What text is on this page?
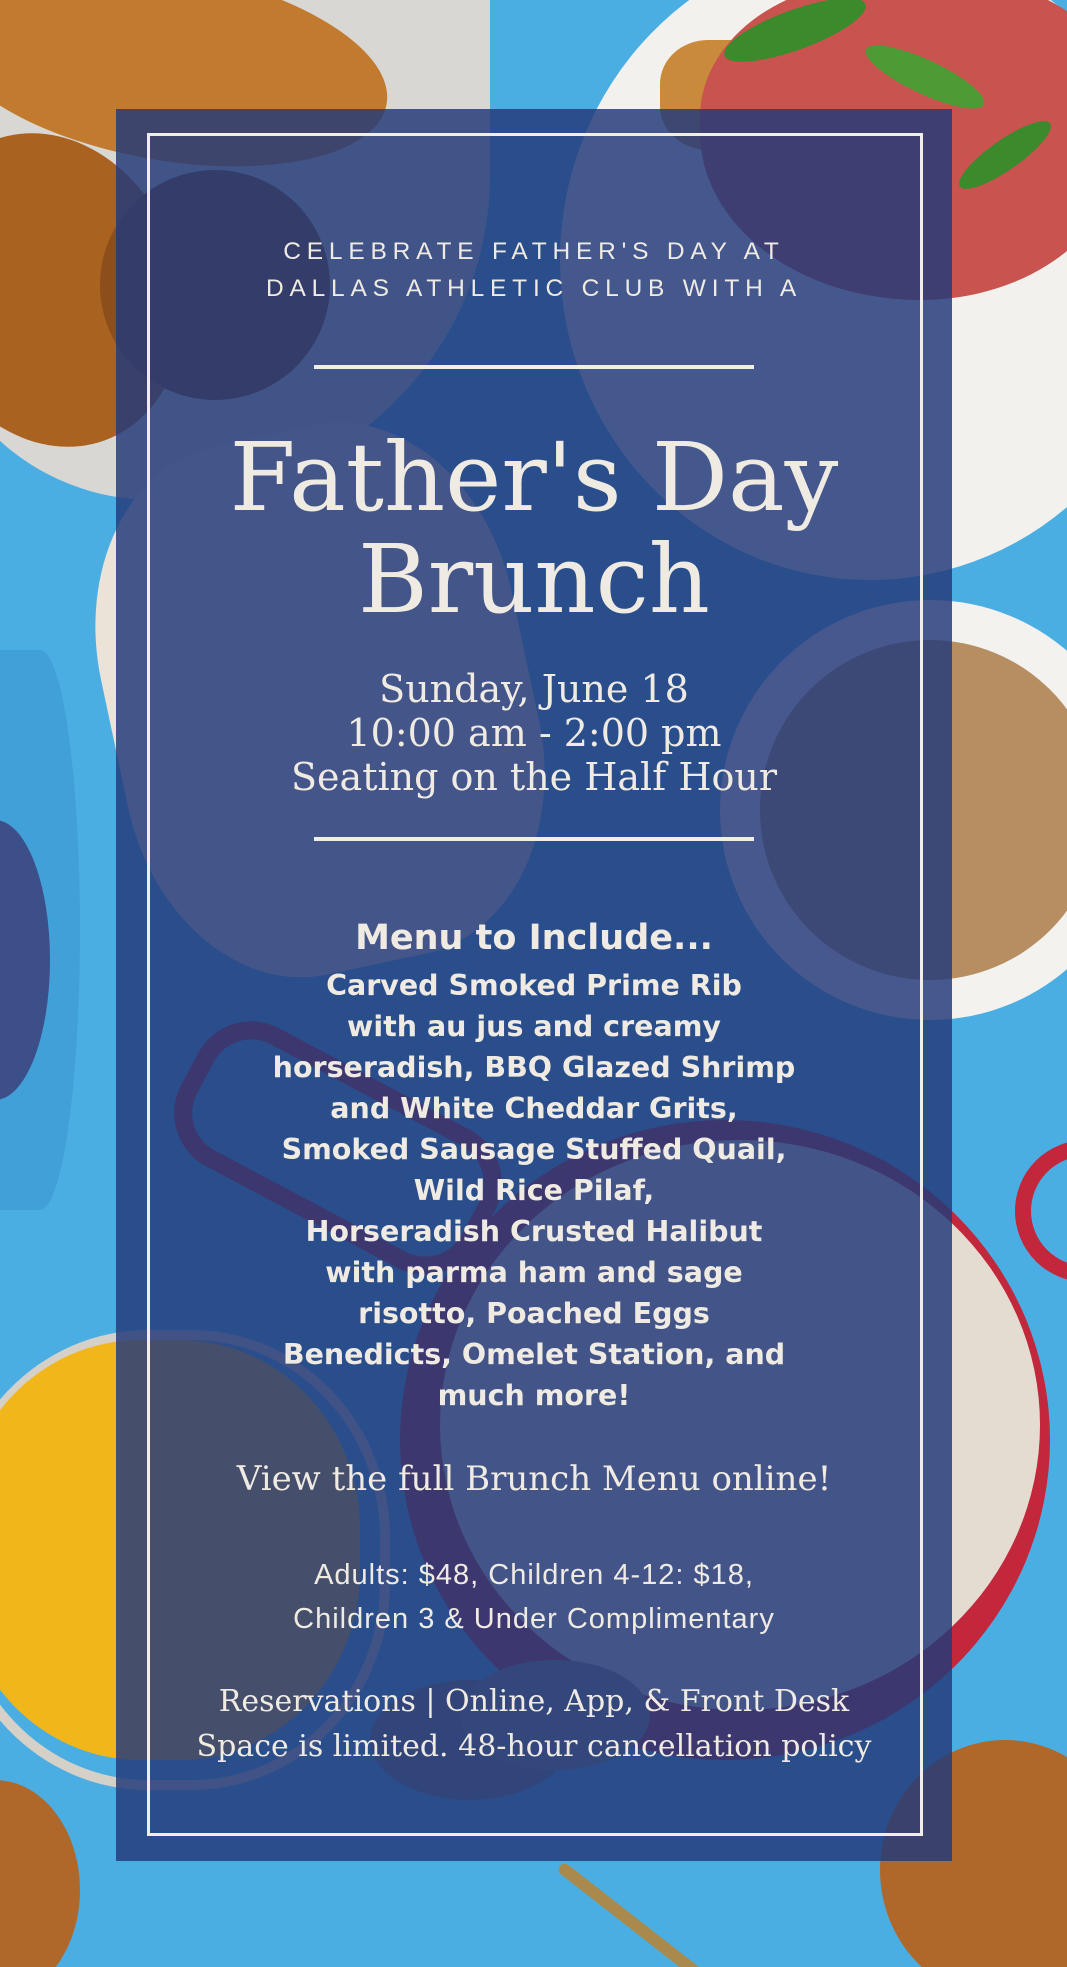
CELEBRATE FATHER'S DAY AT
DALLAS ATHLETIC CLUB WITH A
Father's Day
Brunch
Sunday, June 18
10:00 am - 2:00 pm
Seating on the Half Hour
Menu to Include...
Carved Smoked Prime Rib
with au jus and creamy
horseradish, BBQ Glazed Shrimp
and White Cheddar Grits,
Smoked Sausage Stuffed Quail,
Wild Rice Pilaf,
Horseradish Crusted Halibut
with parma ham and sage
risotto, Poached Eggs
Benedicts, Omelet Station, and
much more!
View the full Brunch Menu online!
Adults: $48, Children 4-12: $18,
Children 3 & Under Complimentary
Reservations | Online, App, & Front Desk
Space is limited. 48-hour cancellation policy
